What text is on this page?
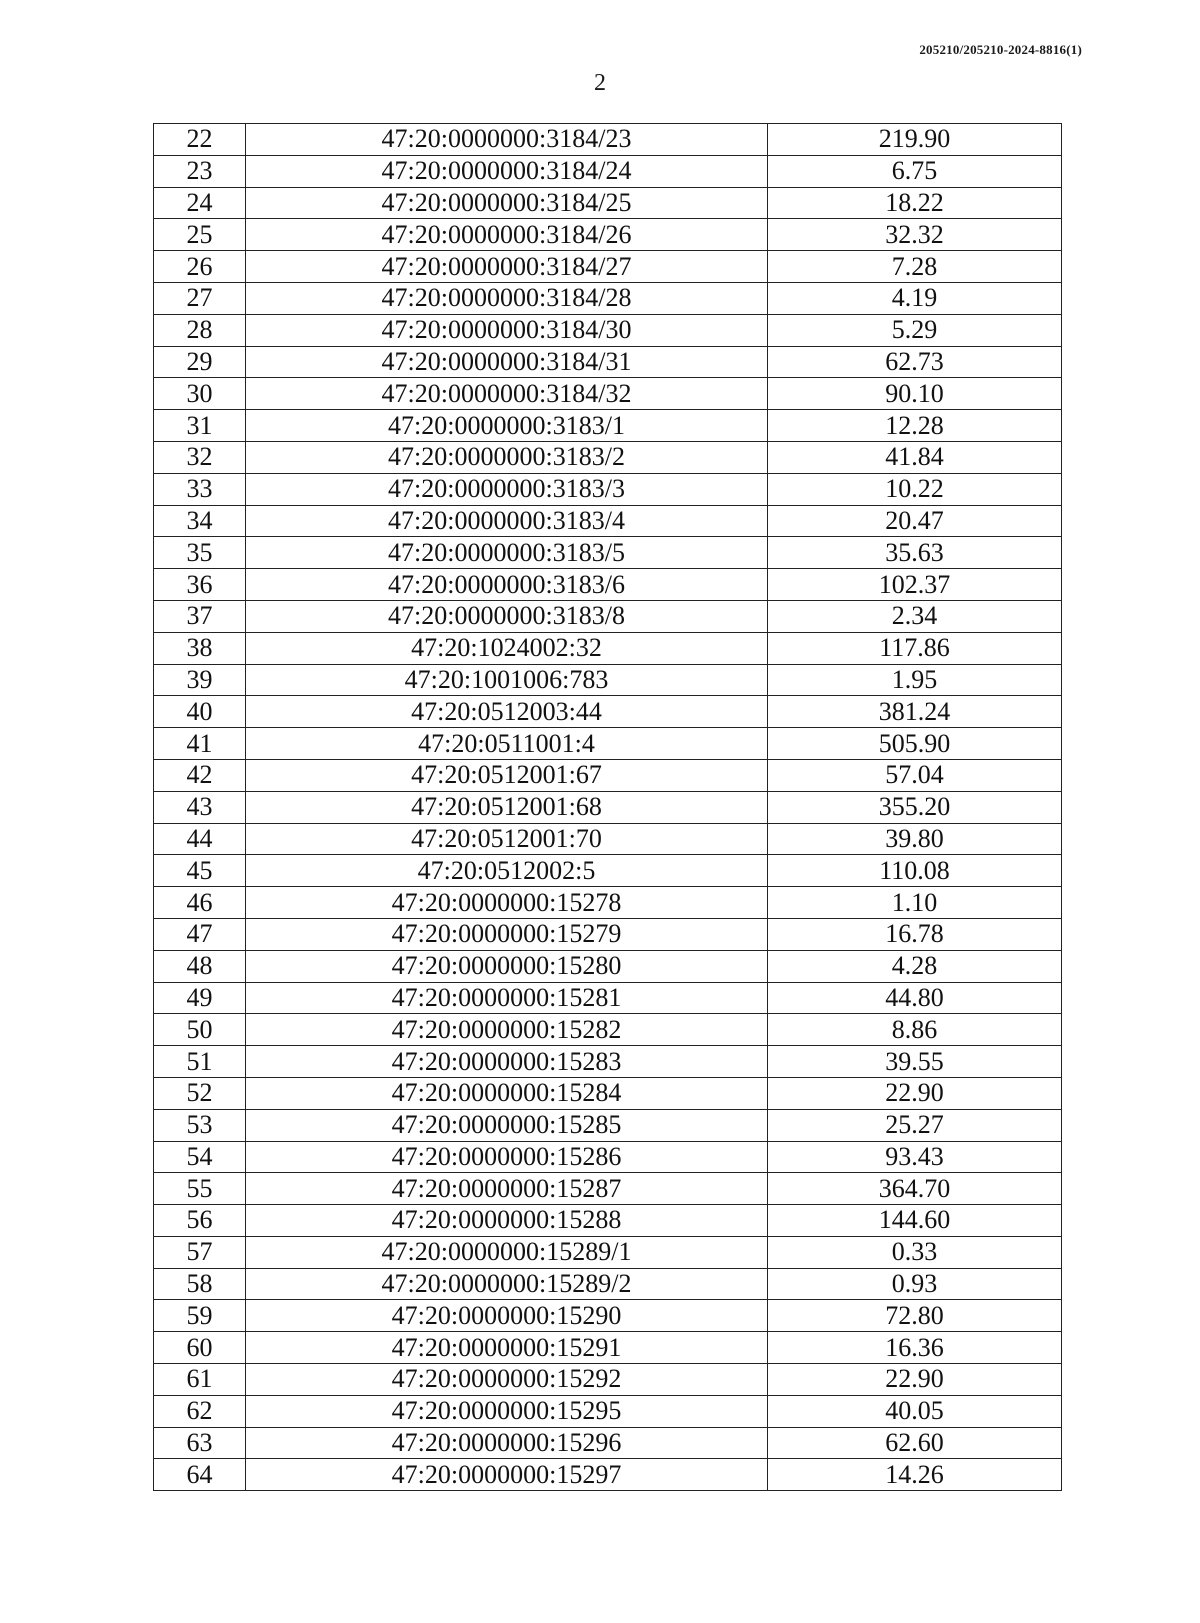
205210/205210-2024-8816(1)
2
22	47:20:0000000:3184/23	219.90
23	47:20:0000000:3184/24	6.75
24	47:20:0000000:3184/25	18.22
25	47:20:0000000:3184/26	32.32
26	47:20:0000000:3184/27	7.28
27	47:20:0000000:3184/28	4.19
28	47:20:0000000:3184/30	5.29
29	47:20:0000000:3184/31	62.73
30	47:20:0000000:3184/32	90.10
31	47:20:0000000:3183/1	12.28
32	47:20:0000000:3183/2	41.84
33	47:20:0000000:3183/3	10.22
34	47:20:0000000:3183/4	20.47
35	47:20:0000000:3183/5	35.63
36	47:20:0000000:3183/6	102.37
37	47:20:0000000:3183/8	2.34
38	47:20:1024002:32	117.86
39	47:20:1001006:783	1.95
40	47:20:0512003:44	381.24
41	47:20:0511001:4	505.90
42	47:20:0512001:67	57.04
43	47:20:0512001:68	355.20
44	47:20:0512001:70	39.80
45	47:20:0512002:5	110.08
46	47:20:0000000:15278	1.10
47	47:20:0000000:15279	16.78
48	47:20:0000000:15280	4.28
49	47:20:0000000:15281	44.80
50	47:20:0000000:15282	8.86
51	47:20:0000000:15283	39.55
52	47:20:0000000:15284	22.90
53	47:20:0000000:15285	25.27
54	47:20:0000000:15286	93.43
55	47:20:0000000:15287	364.70
56	47:20:0000000:15288	144.60
57	47:20:0000000:15289/1	0.33
58	47:20:0000000:15289/2	0.93
59	47:20:0000000:15290	72.80
60	47:20:0000000:15291	16.36
61	47:20:0000000:15292	22.90
62	47:20:0000000:15295	40.05
63	47:20:0000000:15296	62.60
64	47:20:0000000:15297	14.26
